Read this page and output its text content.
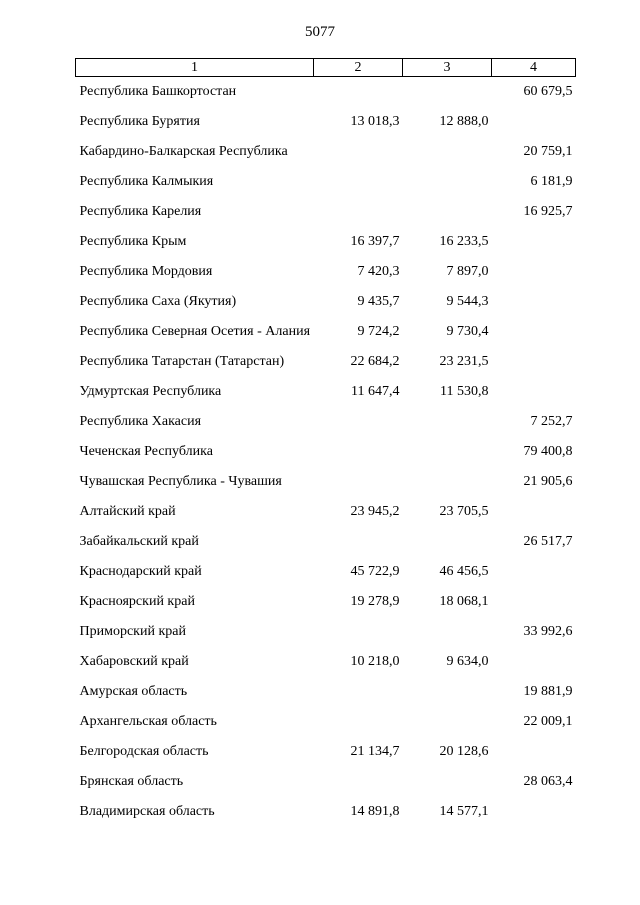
5077
1	2	3	4
Республика Башкортостан			60 679,5
Республика Бурятия	13 018,3	12 888,0	
Кабардино-Балкарская Республика			20 759,1
Республика Калмыкия			6 181,9
Республика Карелия			16 925,7
Республика Крым	16 397,7	16 233,5	
Республика Мордовия	7 420,3	7 897,0	
Республика Саха (Якутия)	9 435,7	9 544,3	
Республика Северная Осетия - Алания	9 724,2	9 730,4	
Республика Татарстан (Татарстан)	22 684,2	23 231,5	
Удмуртская Республика	11 647,4	11 530,8	
Республика Хакасия			7 252,7
Чеченская Республика			79 400,8
Чувашская Республика - Чувашия			21 905,6
Алтайский край	23 945,2	23 705,5	
Забайкальский край			26 517,7
Краснодарский край	45 722,9	46 456,5	
Красноярский край	19 278,9	18 068,1	
Приморский край			33 992,6
Хабаровский край	10 218,0	9 634,0	
Амурская область			19 881,9
Архангельская область			22 009,1
Белгородская область	21 134,7	20 128,6	
Брянская область			28 063,4
Владимирская область	14 891,8	14 577,1	
